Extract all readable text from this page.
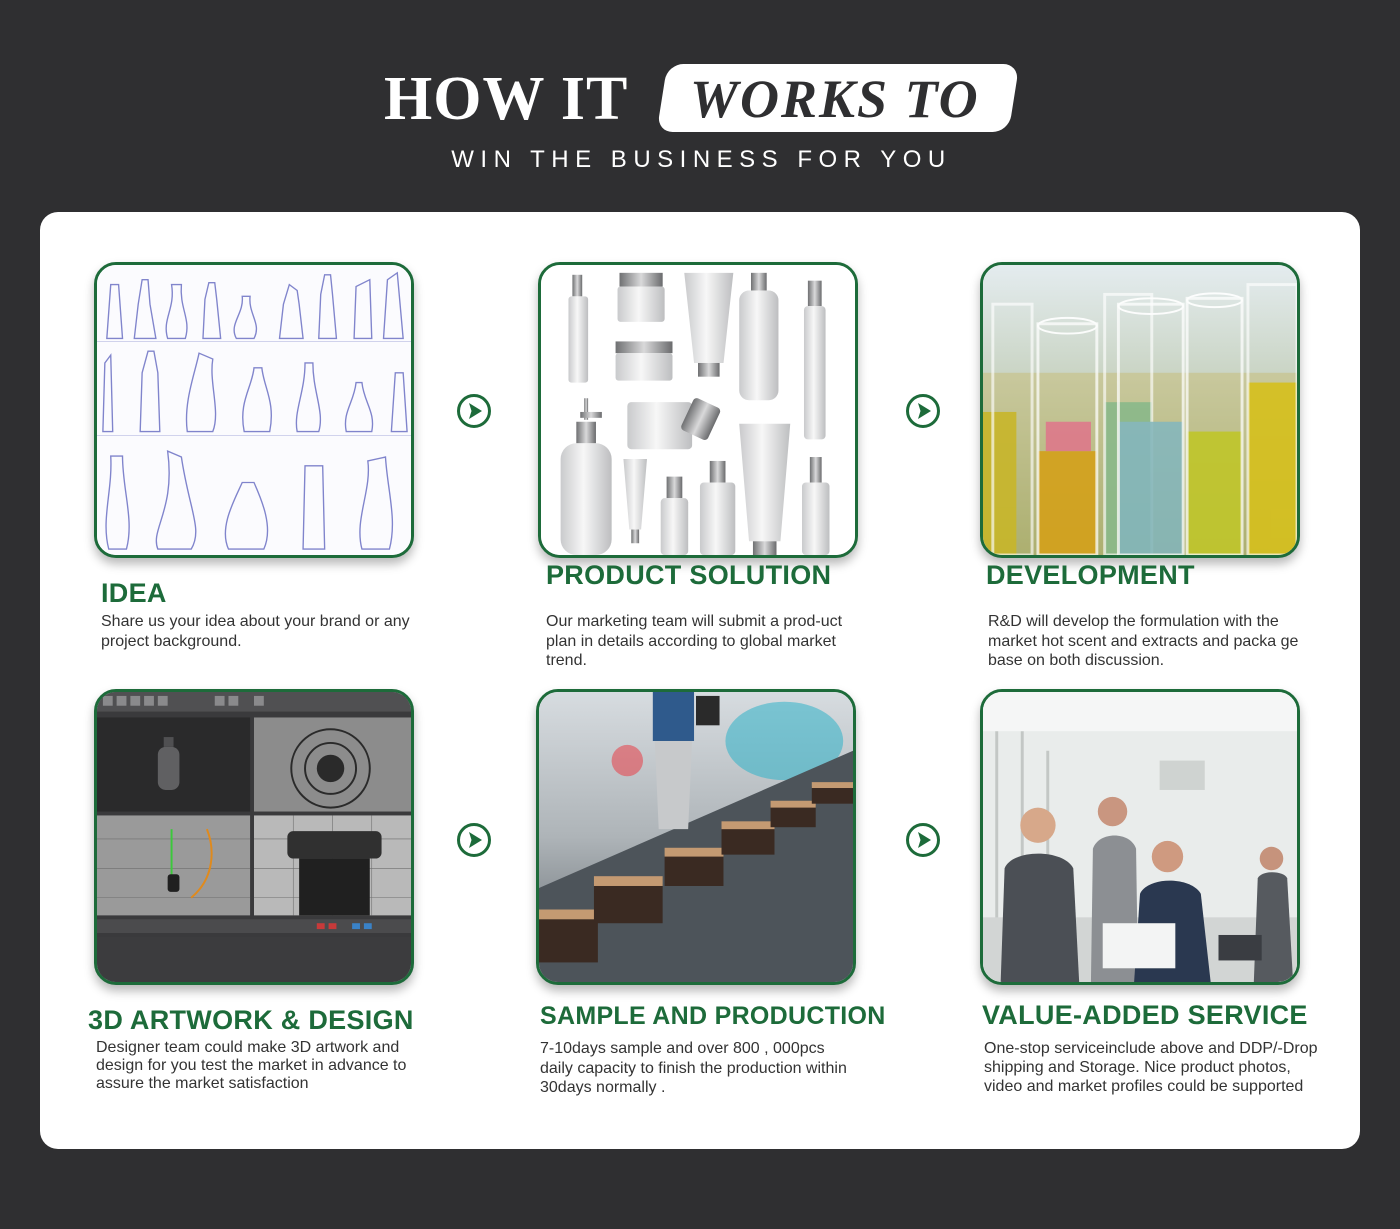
HOW IT WORKS TO
WIN THE BUSINESS FOR YOU
IDEA
Share us your idea about your brand or any project background.
PRODUCT SOLUTION
Our marketing team will submit a prod-uct plan in details according to global market trend.
DEVELOPMENT
R&D will develop the formulation with the market hot scent and extracts and packa ge base on both discussion.
3D ARTWORK & DESIGN
Designer team could make 3D artwork and design for you test the market in advance to assure the market satisfaction
SAMPLE AND PRODUCTION
7-10days sample and over 800 , 000pcs daily capacity to finish the production within 30days normally .
VALUE-ADDED SERVICE
One-stop serviceinclude above and DDP/-Drop shipping and Storage. Nice product photos, video and market profiles could be supported
